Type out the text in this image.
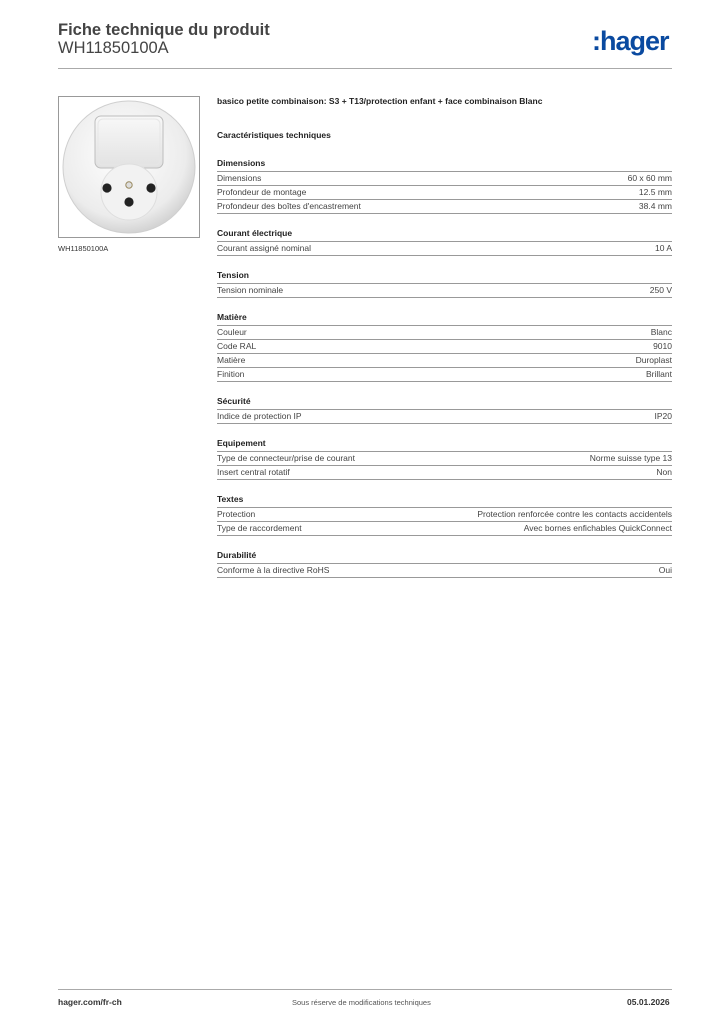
Fiche technique du produit
WH11850100A	:hager
WH11850100A
basico petite combinaison: S3 + T13/protection enfant + face combinaison Blanc
Caractéristiques techniques
Dimensions
Dimensions	60 x 60 mm
Profondeur de montage	12.5 mm
Profondeur des boîtes d'encastrement	38.4 mm
Courant électrique
Courant assigné nominal	10 A
Tension
Tension nominale	250 V
Matière
Couleur	Blanc
Code RAL	9010
Matière	Duroplast
Finition	Brillant
Sécurité
Indice de protection IP	IP20
Equipement
Type de connecteur/prise de courant	Norme suisse type 13
Insert central rotatif	Non
Textes
Protection	Protection renforcée contre les contacts accidentels
Type de raccordement	Avec bornes enfichables QuickConnect
Durabilité
Conforme à la directive RoHS	Oui
hager.com/fr-ch	Sous réserve de modifications techniques	05.01.2026
